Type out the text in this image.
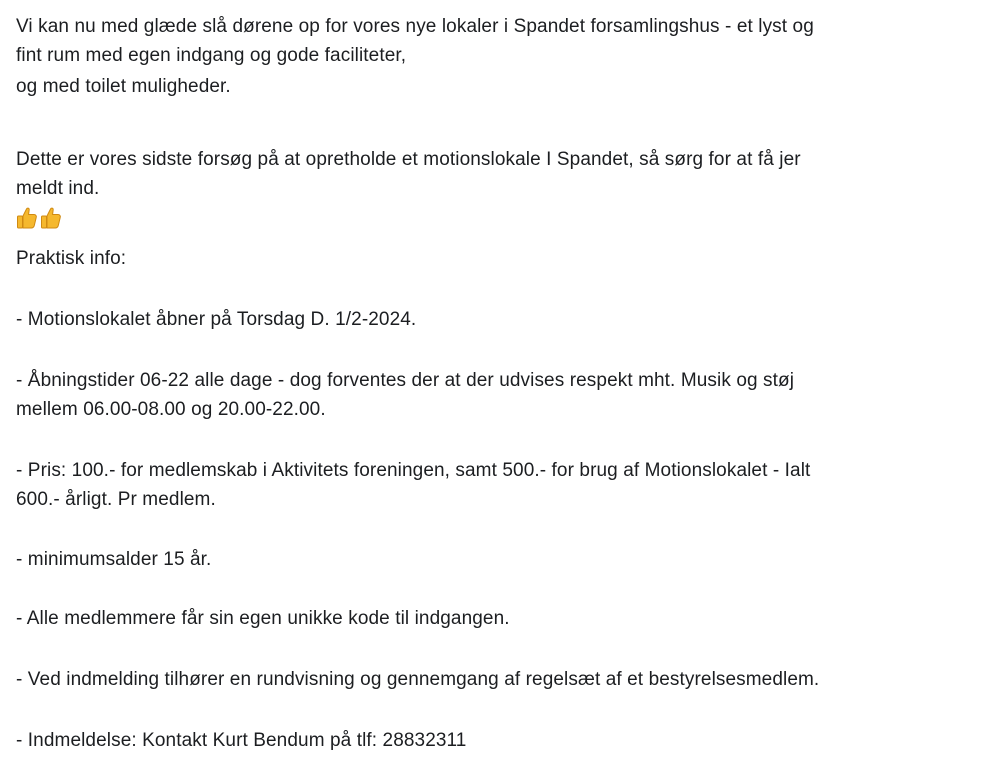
Vi kan nu med glæde slå dørene op for vores nye lokaler i Spandet forsamlingshus - et lyst og
fint rum med egen indgang og gode faciliteter,
og med toilet muligheder.
Dette er vores sidste forsøg på at opretholde et motionslokale I Spandet, så sørg for at få jer
meldt ind.
Praktisk info:
- Motionslokalet åbner på Torsdag D. 1/2-2024.
- Åbningstider 06-22 alle dage - dog forventes der at der udvises respekt mht. Musik og støj
mellem 06.00-08.00 og 20.00-22.00.
- Pris: 100.- for medlemskab i Aktivitets foreningen, samt 500.- for brug af Motionslokalet - Ialt
600.- årligt. Pr medlem.
- minimumsalder 15 år.
- Alle medlemmere får sin egen unikke kode til indgangen.
- Ved indmelding tilhører en rundvisning og gennemgang af regelsæt af et bestyrelsesmedlem.
- Indmeldelse: Kontakt Kurt Bendum på tlf: 28832311
